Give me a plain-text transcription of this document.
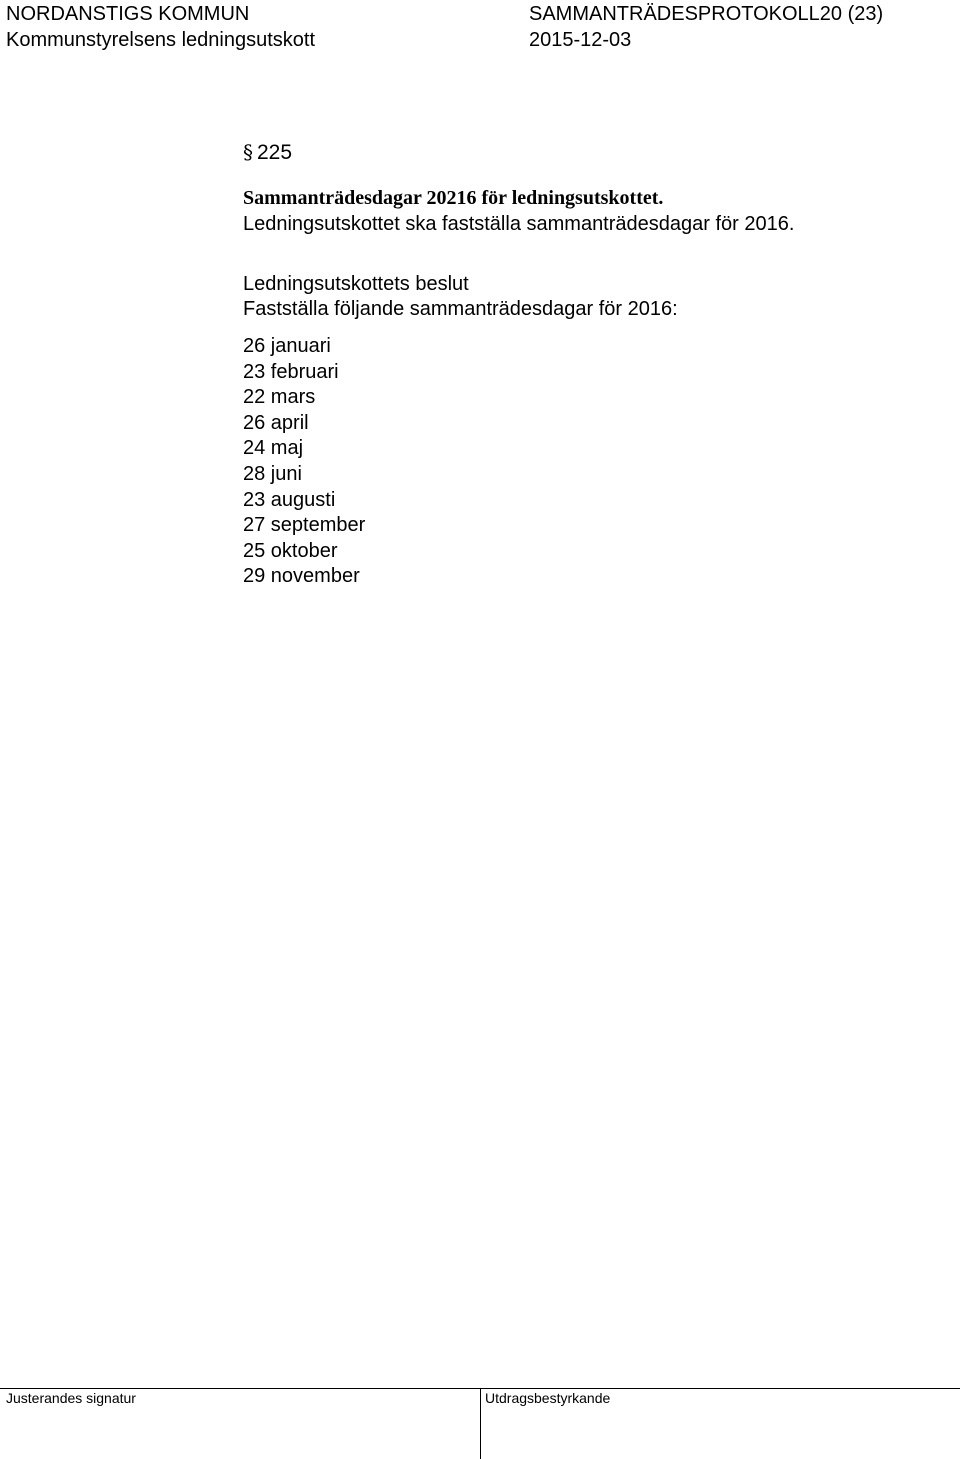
NORDANSTIGS KOMMUN	SAMMANTRÄDESPROTOKOLL20 (23)
Kommunstyrelsens ledningsutskott	2015-12-03
§ 225
Sammanträdesdagar 20216 för ledningsutskottet.
Ledningsutskottet ska fastställa sammanträdesdagar för 2016.
Ledningsutskottets beslut
Fastställa följande sammanträdesdagar för 2016:
26 januari
23 februari
22 mars
26 april
24 maj
28 juni
23 augusti
27 september
25 oktober
29 november
Justerandes signatur	Utdragsbestyrkande
